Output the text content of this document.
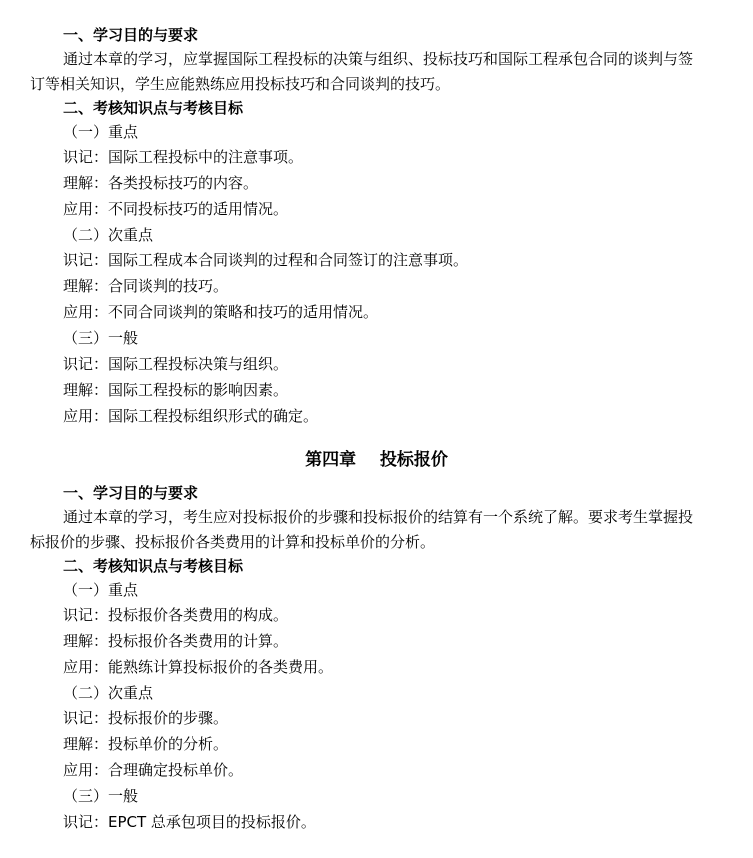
一、学习目的与要求
通过本章的学习，应掌握国际工程投标的决策与组织、投标技巧和国际工程承包合同的谈判与签
订等相关知识，学生应能熟练应用投标技巧和合同谈判的技巧。
二、考核知识点与考核目标
（一）重点
识记：国际工程投标中的注意事项。
理解：各类投标技巧的内容。
应用：不同投标技巧的适用情况。
（二）次重点
识记：国际工程成本合同谈判的过程和合同签订的注意事项。
理解：合同谈判的技巧。
应用：不同合同谈判的策略和技巧的适用情况。
（三）一般
识记：国际工程投标决策与组织。
理解：国际工程投标的影响因素。
应用：国际工程投标组织形式的确定。
第四章    投标报价
一、学习目的与要求
通过本章的学习，考生应对投标报价的步骤和投标报价的结算有一个系统了解。要求考生掌握投
标报价的步骤、投标报价各类费用的计算和投标单价的分析。
二、考核知识点与考核目标
（一）重点
识记：投标报价各类费用的构成。
理解：投标报价各类费用的计算。
应用：能熟练计算投标报价的各类费用。
（二）次重点
识记：投标报价的步骤。
理解：投标单价的分析。
应用：合理确定投标单价。
（三）一般
识记：EPCT 总承包项目的投标报价。
